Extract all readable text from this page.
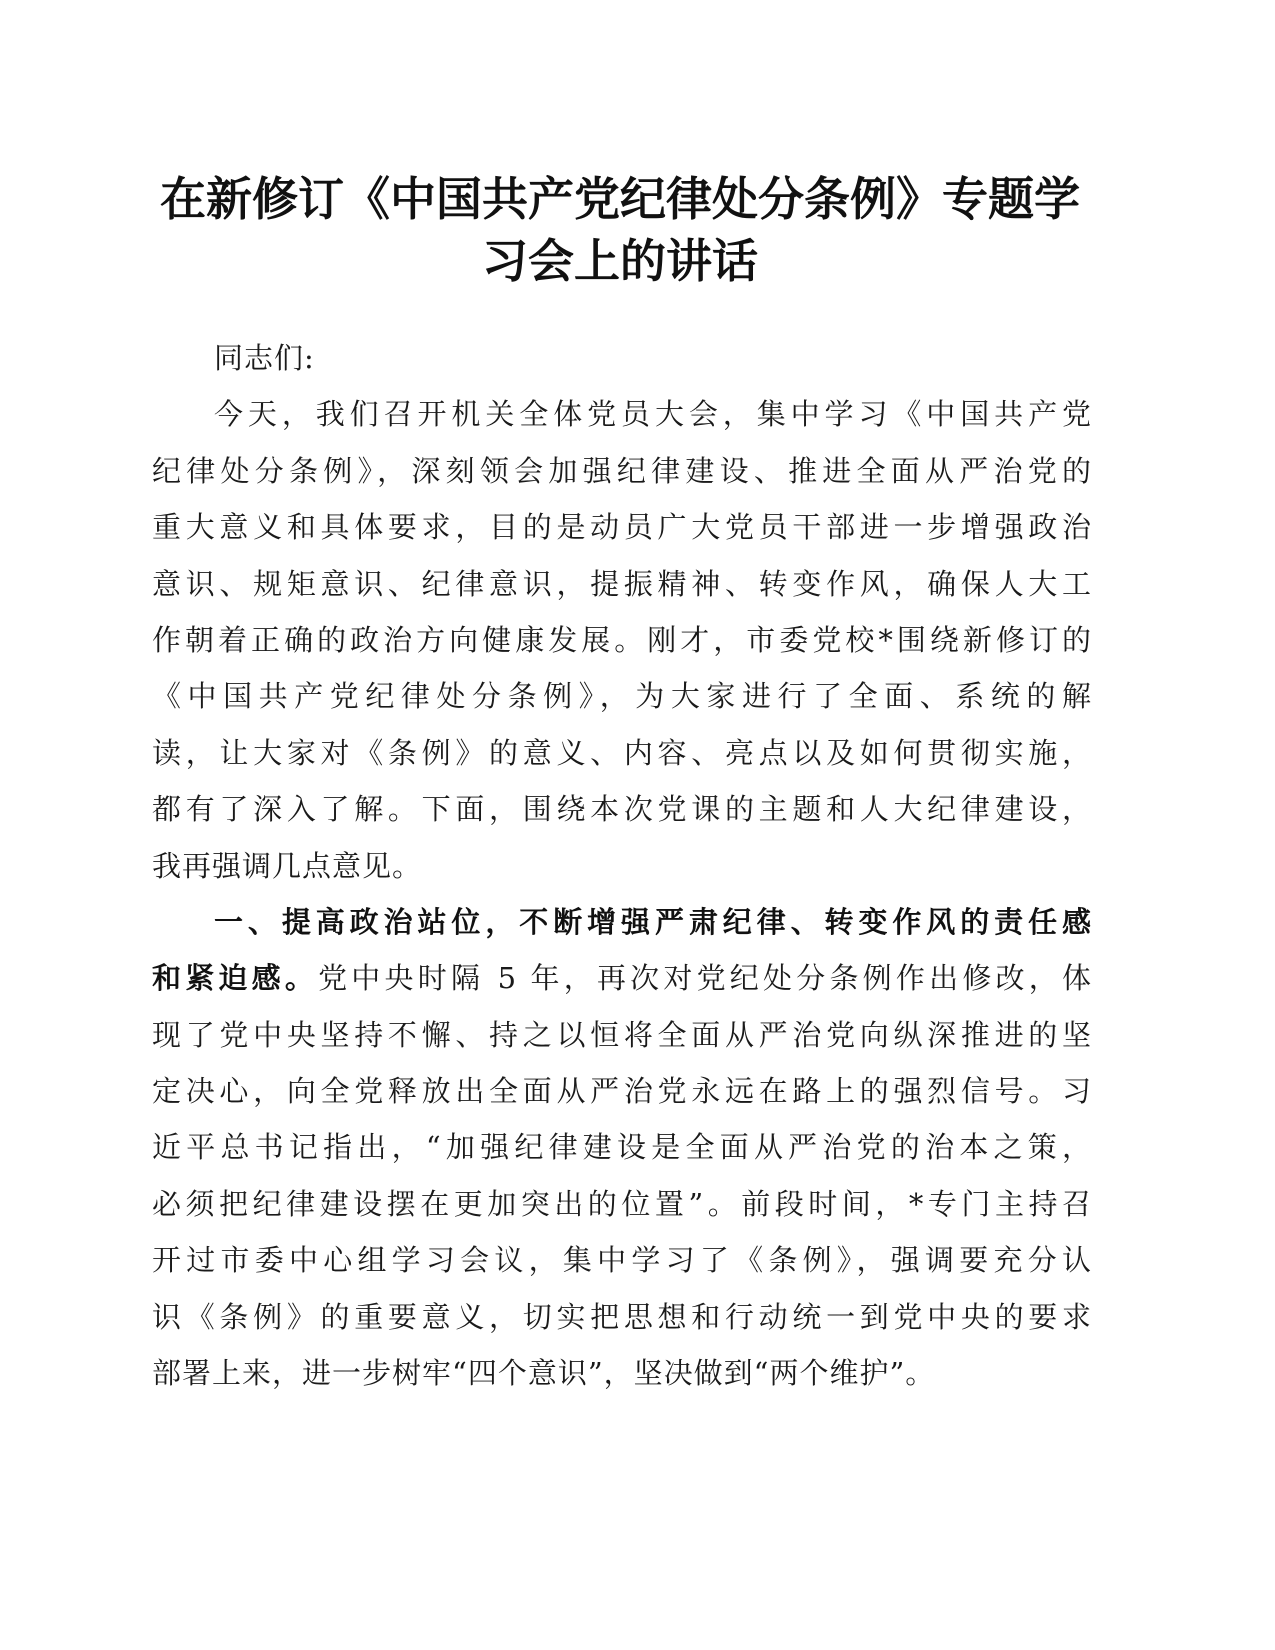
在新修订《中国共产党纪律处分条例》专题学
习会上的讲话
同志们:
今天，我们召开机关全体党员大会，集中学习《中国共产党
纪律处分条例》，深刻领会加强纪律建设、推进全面从严治党的
重大意义和具体要求，目的是动员广大党员干部进一步增强政治
意识、规矩意识、纪律意识，提振精神、转变作风，确保人大工
作朝着正确的政治方向健康发展。刚才，市委党校*围绕新修订的
《中国共产党纪律处分条例》，为大家进行了全面、系统的解
读，让大家对《条例》的意义、内容、亮点以及如何贯彻实施，
都有了深入了解。下面，围绕本次党课的主题和人大纪律建设，
我再强调几点意见。
一、提高政治站位，不断增强严肃纪律、转变作风的责任感
和紧迫感。党中央时隔 5 年，再次对党纪处分条例作出修改，体
现了党中央坚持不懈、持之以恒将全面从严治党向纵深推进的坚
定决心，向全党释放出全面从严治党永远在路上的强烈信号。习
近平总书记指出，“加强纪律建设是全面从严治党的治本之策，
必须把纪律建设摆在更加突出的位置”。前段时间，*专门主持召
开过市委中心组学习会议，集中学习了《条例》，强调要充分认
识《条例》的重要意义，切实把思想和行动统一到党中央的要求
部署上来，进一步树牢“四个意识”，坚决做到“两个维护”。
